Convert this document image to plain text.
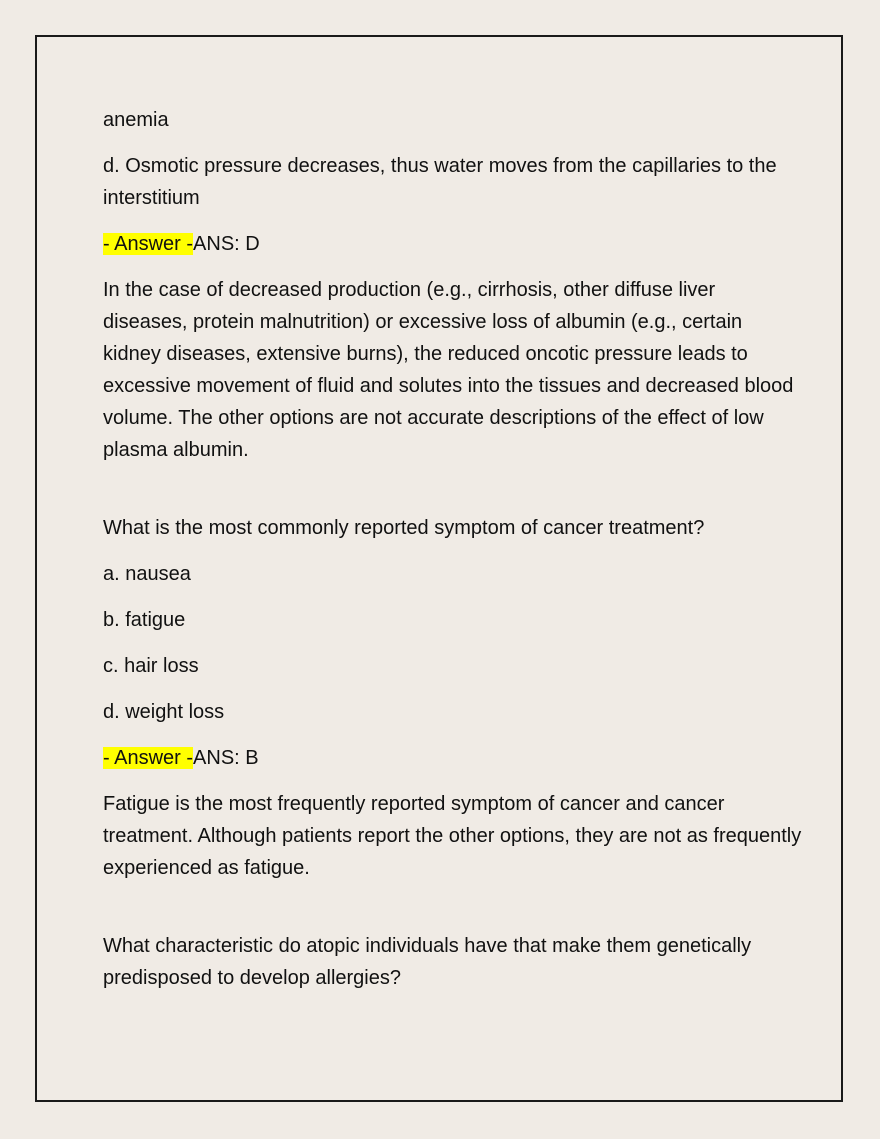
anemia

d. Osmotic pressure decreases, thus water moves from the capillaries to the interstitium

- Answer -ANS: D

In the case of decreased production (e.g., cirrhosis, other diffuse liver diseases, protein malnutrition) or excessive loss of albumin (e.g., certain kidney diseases, extensive burns), the reduced oncotic pressure leads to excessive movement of fluid and solutes into the tissues and decreased blood volume. The other options are not accurate descriptions of the effect of low plasma albumin.

What is the most commonly reported symptom of cancer treatment?

a. nausea

b. fatigue

c. hair loss

d. weight loss

- Answer -ANS: B

Fatigue is the most frequently reported symptom of cancer and cancer treatment. Although patients report the other options, they are not as frequently experienced as fatigue.

What characteristic do atopic individuals have that make them genetically predisposed to develop allergies?
